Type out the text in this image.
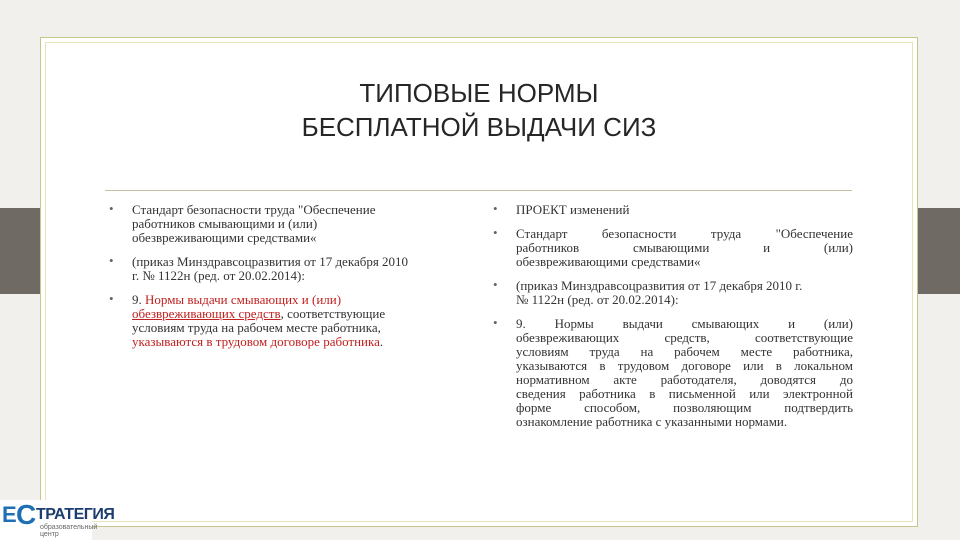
ТИПОВЫЕ НОРМЫ
БЕСПЛАТНОЙ ВЫДАЧИ СИЗ
• Стандарт безопасности труда "Обеспечение
работников смывающими и (или)
обезвреживающими средствами«
• (приказ Минздравсоцразвития от 17 декабря 2010
г. № 1122н (ред. от 20.02.2014):
• 9. Нормы выдачи смывающих и (или)
обезвреживающих средств, соответствующие
условиям труда на рабочем месте работника,
указываются в трудовом договоре работника.
• ПРОЕКТ изменений
• Стандарт безопасности труда "Обеспечение
работников смывающими и (или)
обезвреживающими средствами«
• (приказ Минздравсоцразвития от 17 декабря 2010 г.
№ 1122н (ред. от 20.02.2014):
• 9. Нормы выдачи смывающих и (или)
обезвреживающих средств, соответствующие
условиям труда на рабочем месте работника,
указываются в трудовом договоре или в локальном
нормативном акте работодателя, доводятся до
сведения работника в письменной или электронной
форме способом, позволяющим подтвердить
ознакомление работника с указанными нормами.
Е С ТРАТЕГИЯ
образовательный
центр
